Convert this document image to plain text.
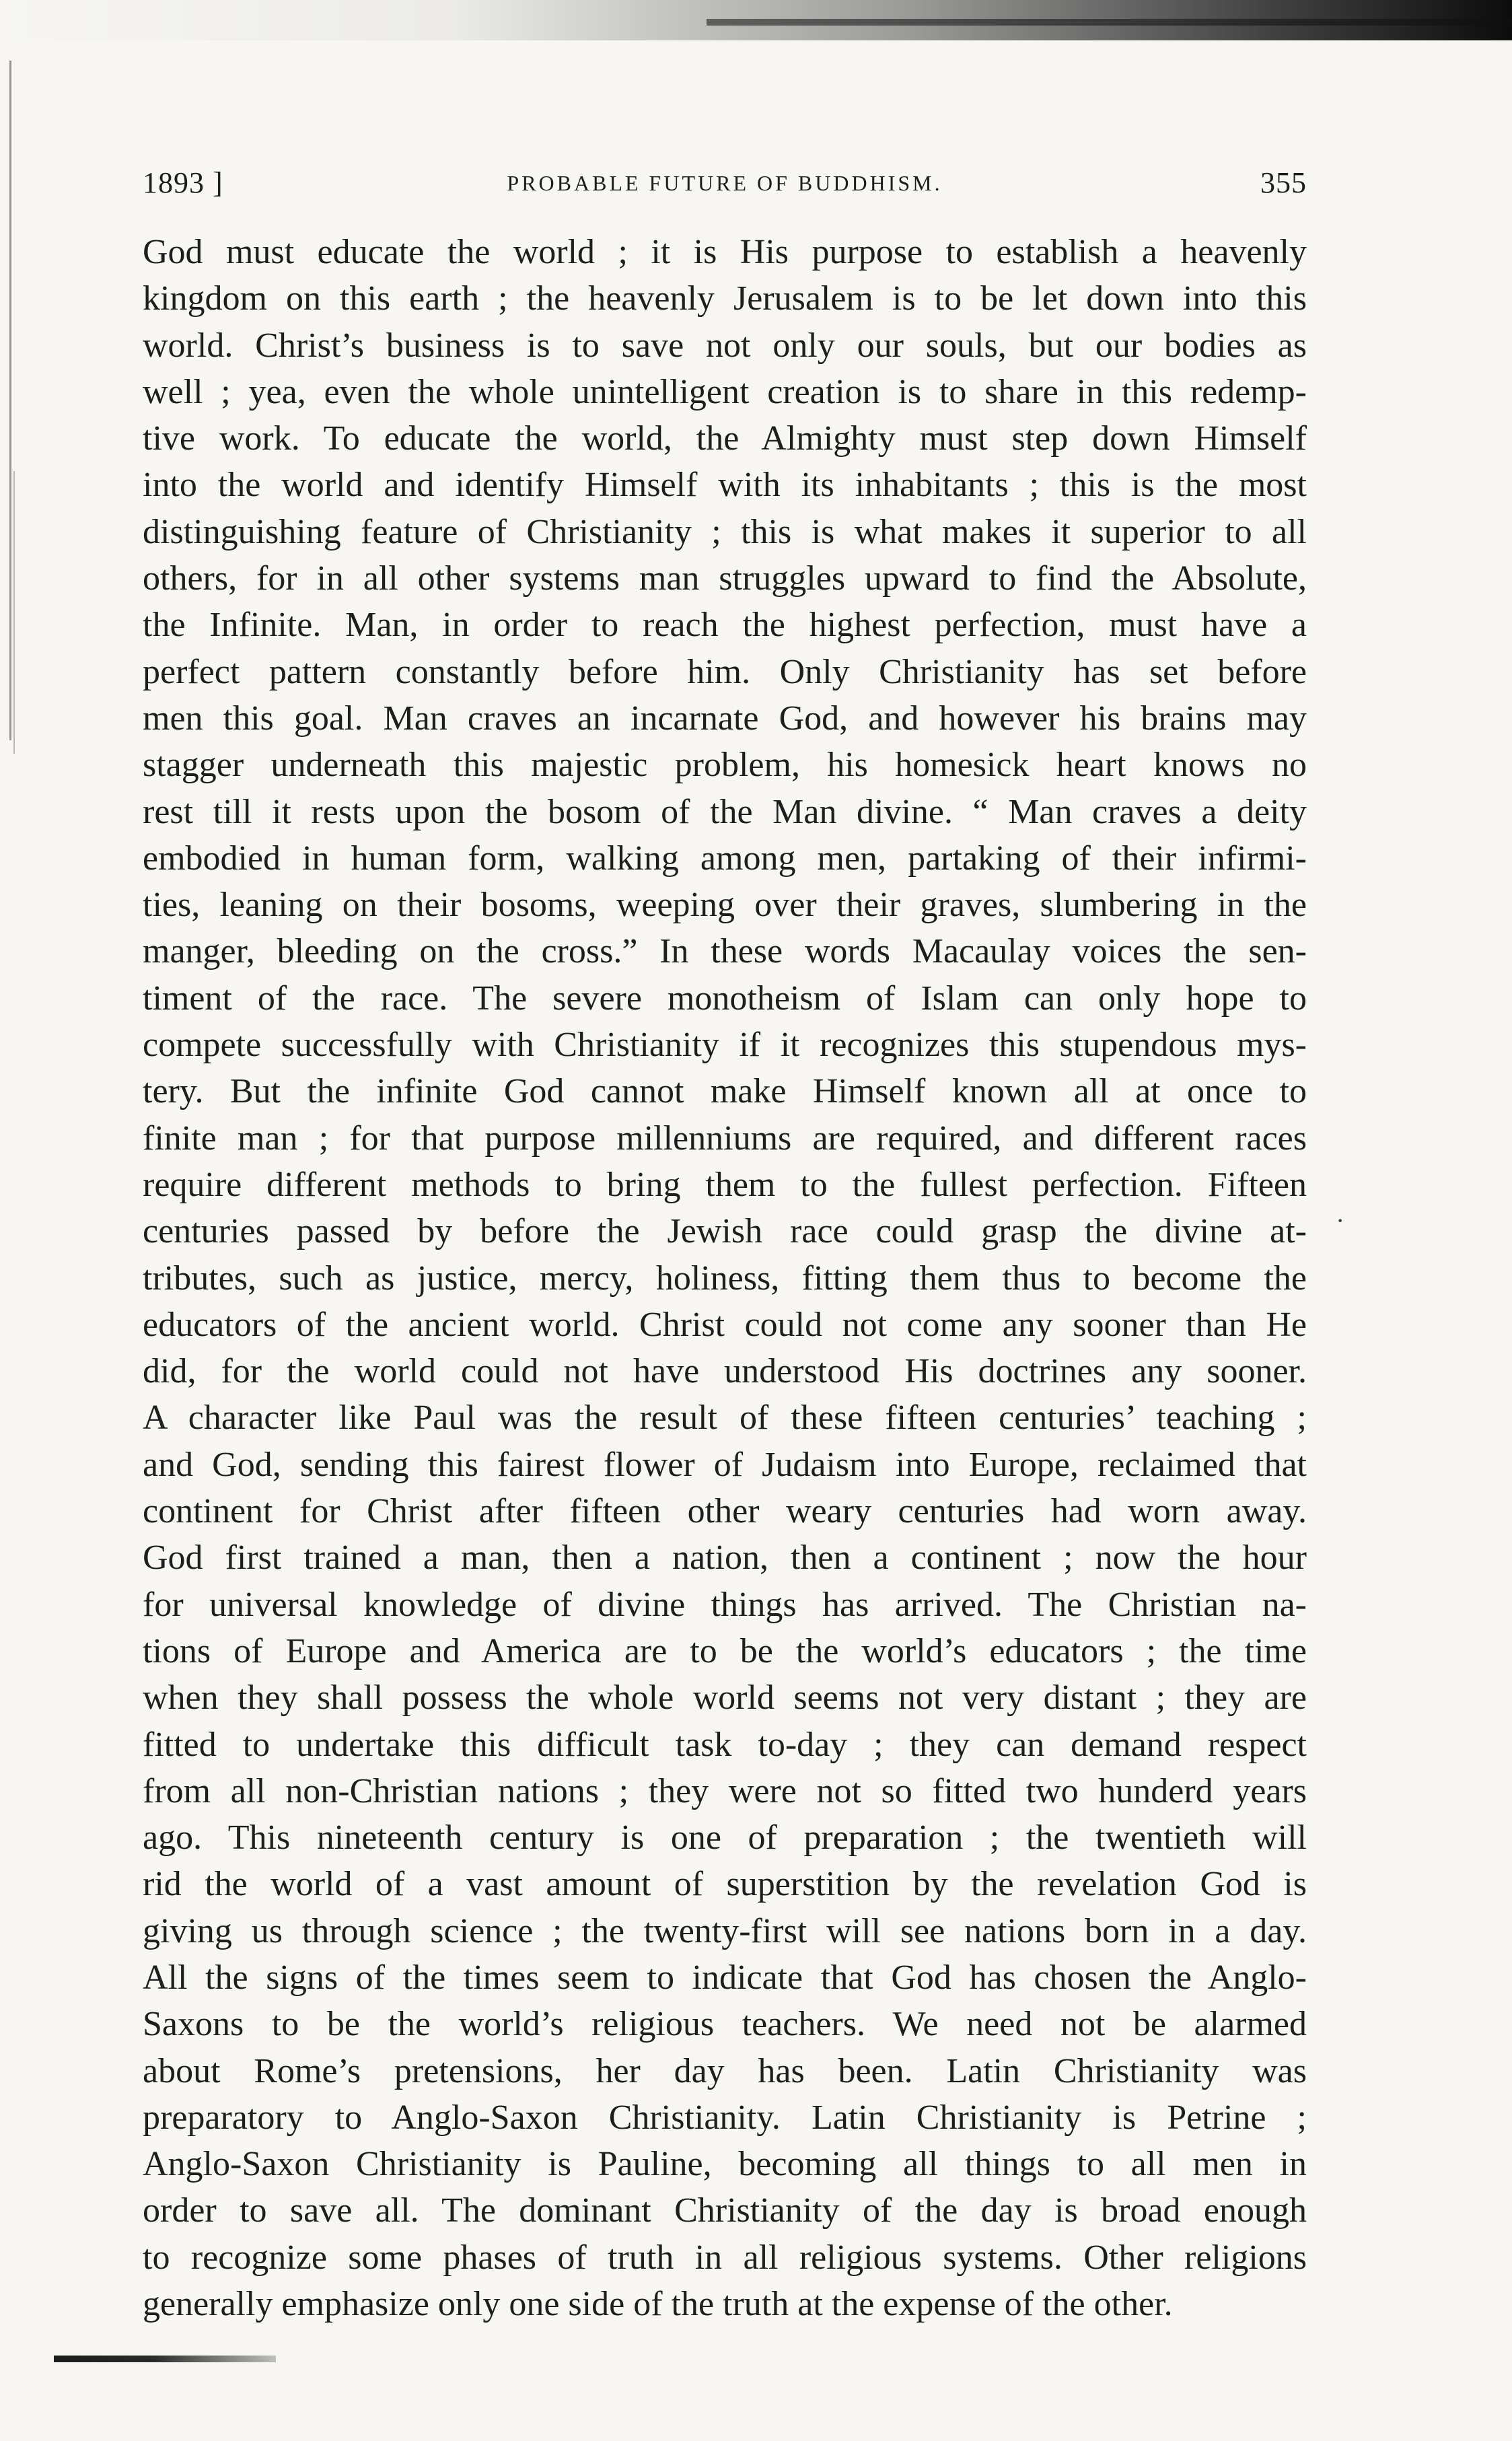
1893 ]	PROBABLE FUTURE OF BUDDHISM.	355
God must educate the world ; it is His purpose to establish a heavenly
kingdom on this earth ; the heavenly Jerusalem is to be let down into this
world. Christ’s business is to save not only our souls, but our bodies as
well ; yea, even the whole unintelligent creation is to share in this redemp-
tive work. To educate the world, the Almighty must step down Himself
into the world and identify Himself with its inhabitants ; this is the most
distinguishing feature of Christianity ; this is what makes it superior to all
others, for in all other systems man struggles upward to find the Absolute,
the Infinite. Man, in order to reach the highest perfection, must have a
perfect pattern constantly before him. Only Christianity has set before
men this goal. Man craves an incarnate God, and however his brains may
stagger underneath this majestic problem, his homesick heart knows no
rest till it rests upon the bosom of the Man divine. “ Man craves a deity
embodied in human form, walking among men, partaking of their infirmi-
ties, leaning on their bosoms, weeping over their graves, slumbering in the
manger, bleeding on the cross.” In these words Macaulay voices the sen-
timent of the race. The severe monotheism of Islam can only hope to
compete successfully with Christianity if it recognizes this stupendous mys-
tery. But the infinite God cannot make Himself known all at once to
finite man ; for that purpose millenniums are required, and different races
require different methods to bring them to the fullest perfection. Fifteen
centuries passed by before the Jewish race could grasp the divine at-
tributes, such as justice, mercy, holiness, fitting them thus to become the
educators of the ancient world. Christ could not come any sooner than He
did, for the world could not have understood His doctrines any sooner.
A character like Paul was the result of these fifteen centuries’ teaching ;
and God, sending this fairest flower of Judaism into Europe, reclaimed that
continent for Christ after fifteen other weary centuries had worn away.
God first trained a man, then a nation, then a continent ; now the hour
for universal knowledge of divine things has arrived. The Christian na-
tions of Europe and America are to be the world’s educators ; the time
when they shall possess the whole world seems not very distant ; they are
fitted to undertake this difficult task to-day ; they can demand respect
from all non-Christian nations ; they were not so fitted two hunderd years
ago. This nineteenth century is one of preparation ; the twentieth will
rid the world of a vast amount of superstition by the revelation God is
giving us through science ; the twenty-first will see nations born in a day.
All the signs of the times seem to indicate that God has chosen the Anglo-
Saxons to be the world’s religious teachers. We need not be alarmed
about Rome’s pretensions, her day has been. Latin Christianity was
preparatory to Anglo-Saxon Christianity. Latin Christianity is Petrine ;
Anglo-Saxon Christianity is Pauline, becoming all things to all men in
order to save all. The dominant Christianity of the day is broad enough
to recognize some phases of truth in all religious systems. Other religions
generally emphasize only one side of the truth at the expense of the other.
·
